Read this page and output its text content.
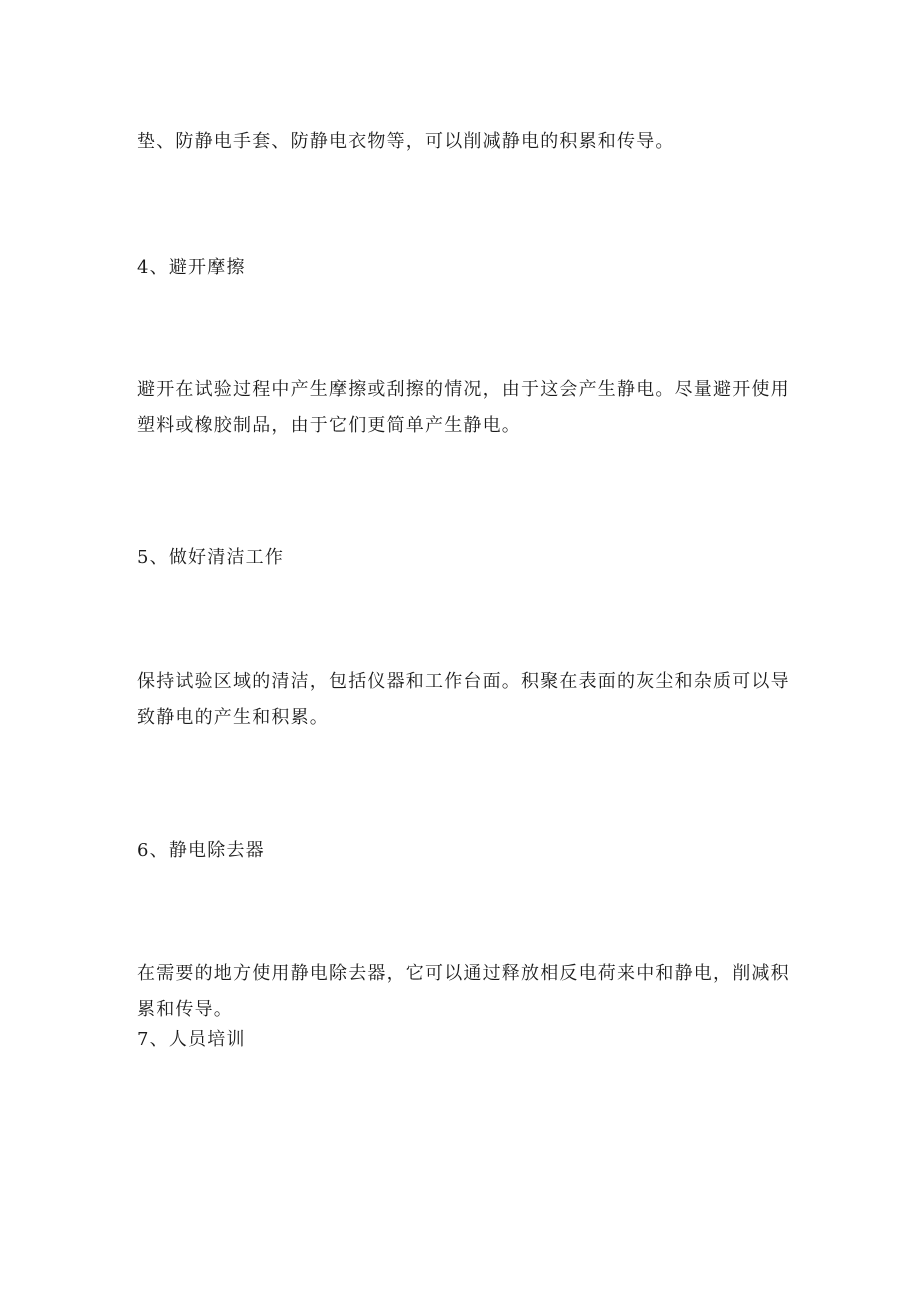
垫、防静电手套、防静电衣物等，可以削减静电的积累和传导。

4、避开摩擦

避开在试验过程中产生摩擦或刮擦的情况，由于这会产生静电。尽量避开使用塑料或橡胶制品，由于它们更简单产生静电。

5、做好清洁工作

保持试验区域的清洁，包括仪器和工作台面。积聚在表面的灰尘和杂质可以导致静电的产生和积累。

6、静电除去器

在需要的地方使用静电除去器，它可以通过释放相反电荷来中和静电，削减积累和传导。

7、人员培训
